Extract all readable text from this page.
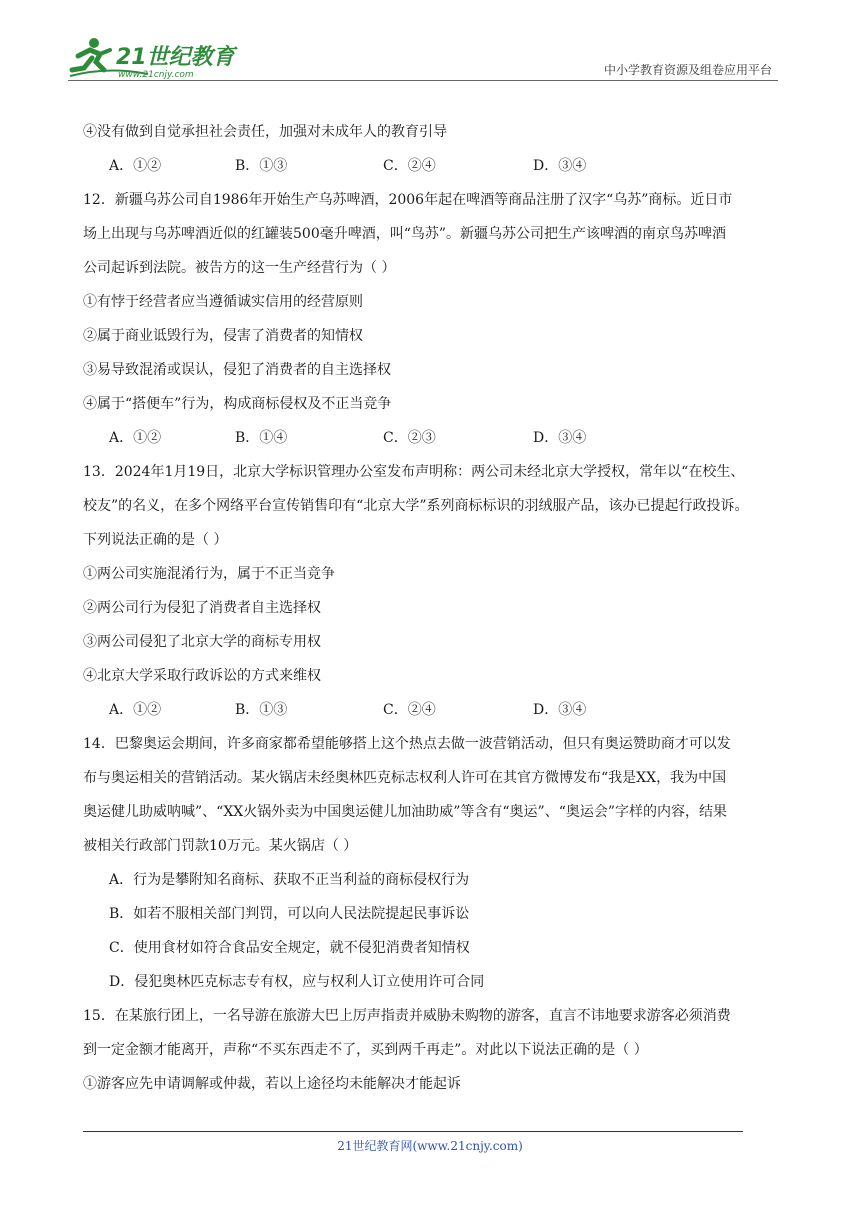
21世纪教育
www.21cnjy.com	中小学教育资源及组卷应用平台
④没有做到自觉承担社会责任，加强对未成年人的教育引导
A．①②	B．①③	C．②④	D．③④
12．新疆乌苏公司自1986年开始生产乌苏啤酒，2006年起在啤酒等商品注册了汉字“乌苏”商标。近日市
场上出现与乌苏啤酒近似的红罐装500毫升啤酒，叫“鸟苏”。新疆乌苏公司把生产该啤酒的南京鸟苏啤酒
公司起诉到法院。被告方的这一生产经营行为（ ）
①有悖于经营者应当遵循诚实信用的经营原则
②属于商业诋毁行为，侵害了消费者的知情权
③易导致混淆或误认，侵犯了消费者的自主选择权
④属于“搭便车”行为，构成商标侵权及不正当竞争
A．①②	B．①④	C．②③	D．③④
13．2024年1月19日，北京大学标识管理办公室发布声明称：两公司未经北京大学授权，常年以“在校生、
校友”的名义，在多个网络平台宣传销售印有“北京大学”系列商标标识的羽绒服产品，该办已提起行政投诉。
下列说法正确的是（ ）
①两公司实施混淆行为，属于不正当竞争
②两公司行为侵犯了消费者自主选择权
③两公司侵犯了北京大学的商标专用权
④北京大学采取行政诉讼的方式来维权
A．①②	B．①③	C．②④	D．③④
14．巴黎奥运会期间，许多商家都希望能够搭上这个热点去做一波营销活动，但只有奥运赞助商才可以发
布与奥运相关的营销活动。某火锅店未经奥林匹克标志权利人许可在其官方微博发布“我是XX，我为中国
奥运健儿助威呐喊”、“XX火锅外卖为中国奥运健儿加油助威”等含有“奥运”、“奥运会”字样的内容，结果
被相关行政部门罚款10万元。某火锅店（ ）
A．行为是攀附知名商标、获取不正当利益的商标侵权行为
B．如若不服相关部门判罚，可以向人民法院提起民事诉讼
C．使用食材如符合食品安全规定，就不侵犯消费者知情权
D．侵犯奥林匹克标志专有权，应与权利人订立使用许可合同
15．在某旅行团上，一名导游在旅游大巴上厉声指责并威胁未购物的游客，直言不讳地要求游客必须消费
到一定金额才能离开，声称“不买东西走不了，买到两千再走”。对此以下说法正确的是（ ）
①游客应先申请调解或仲裁，若以上途径均未能解决才能起诉
21世纪教育网(www.21cnjy.com)
